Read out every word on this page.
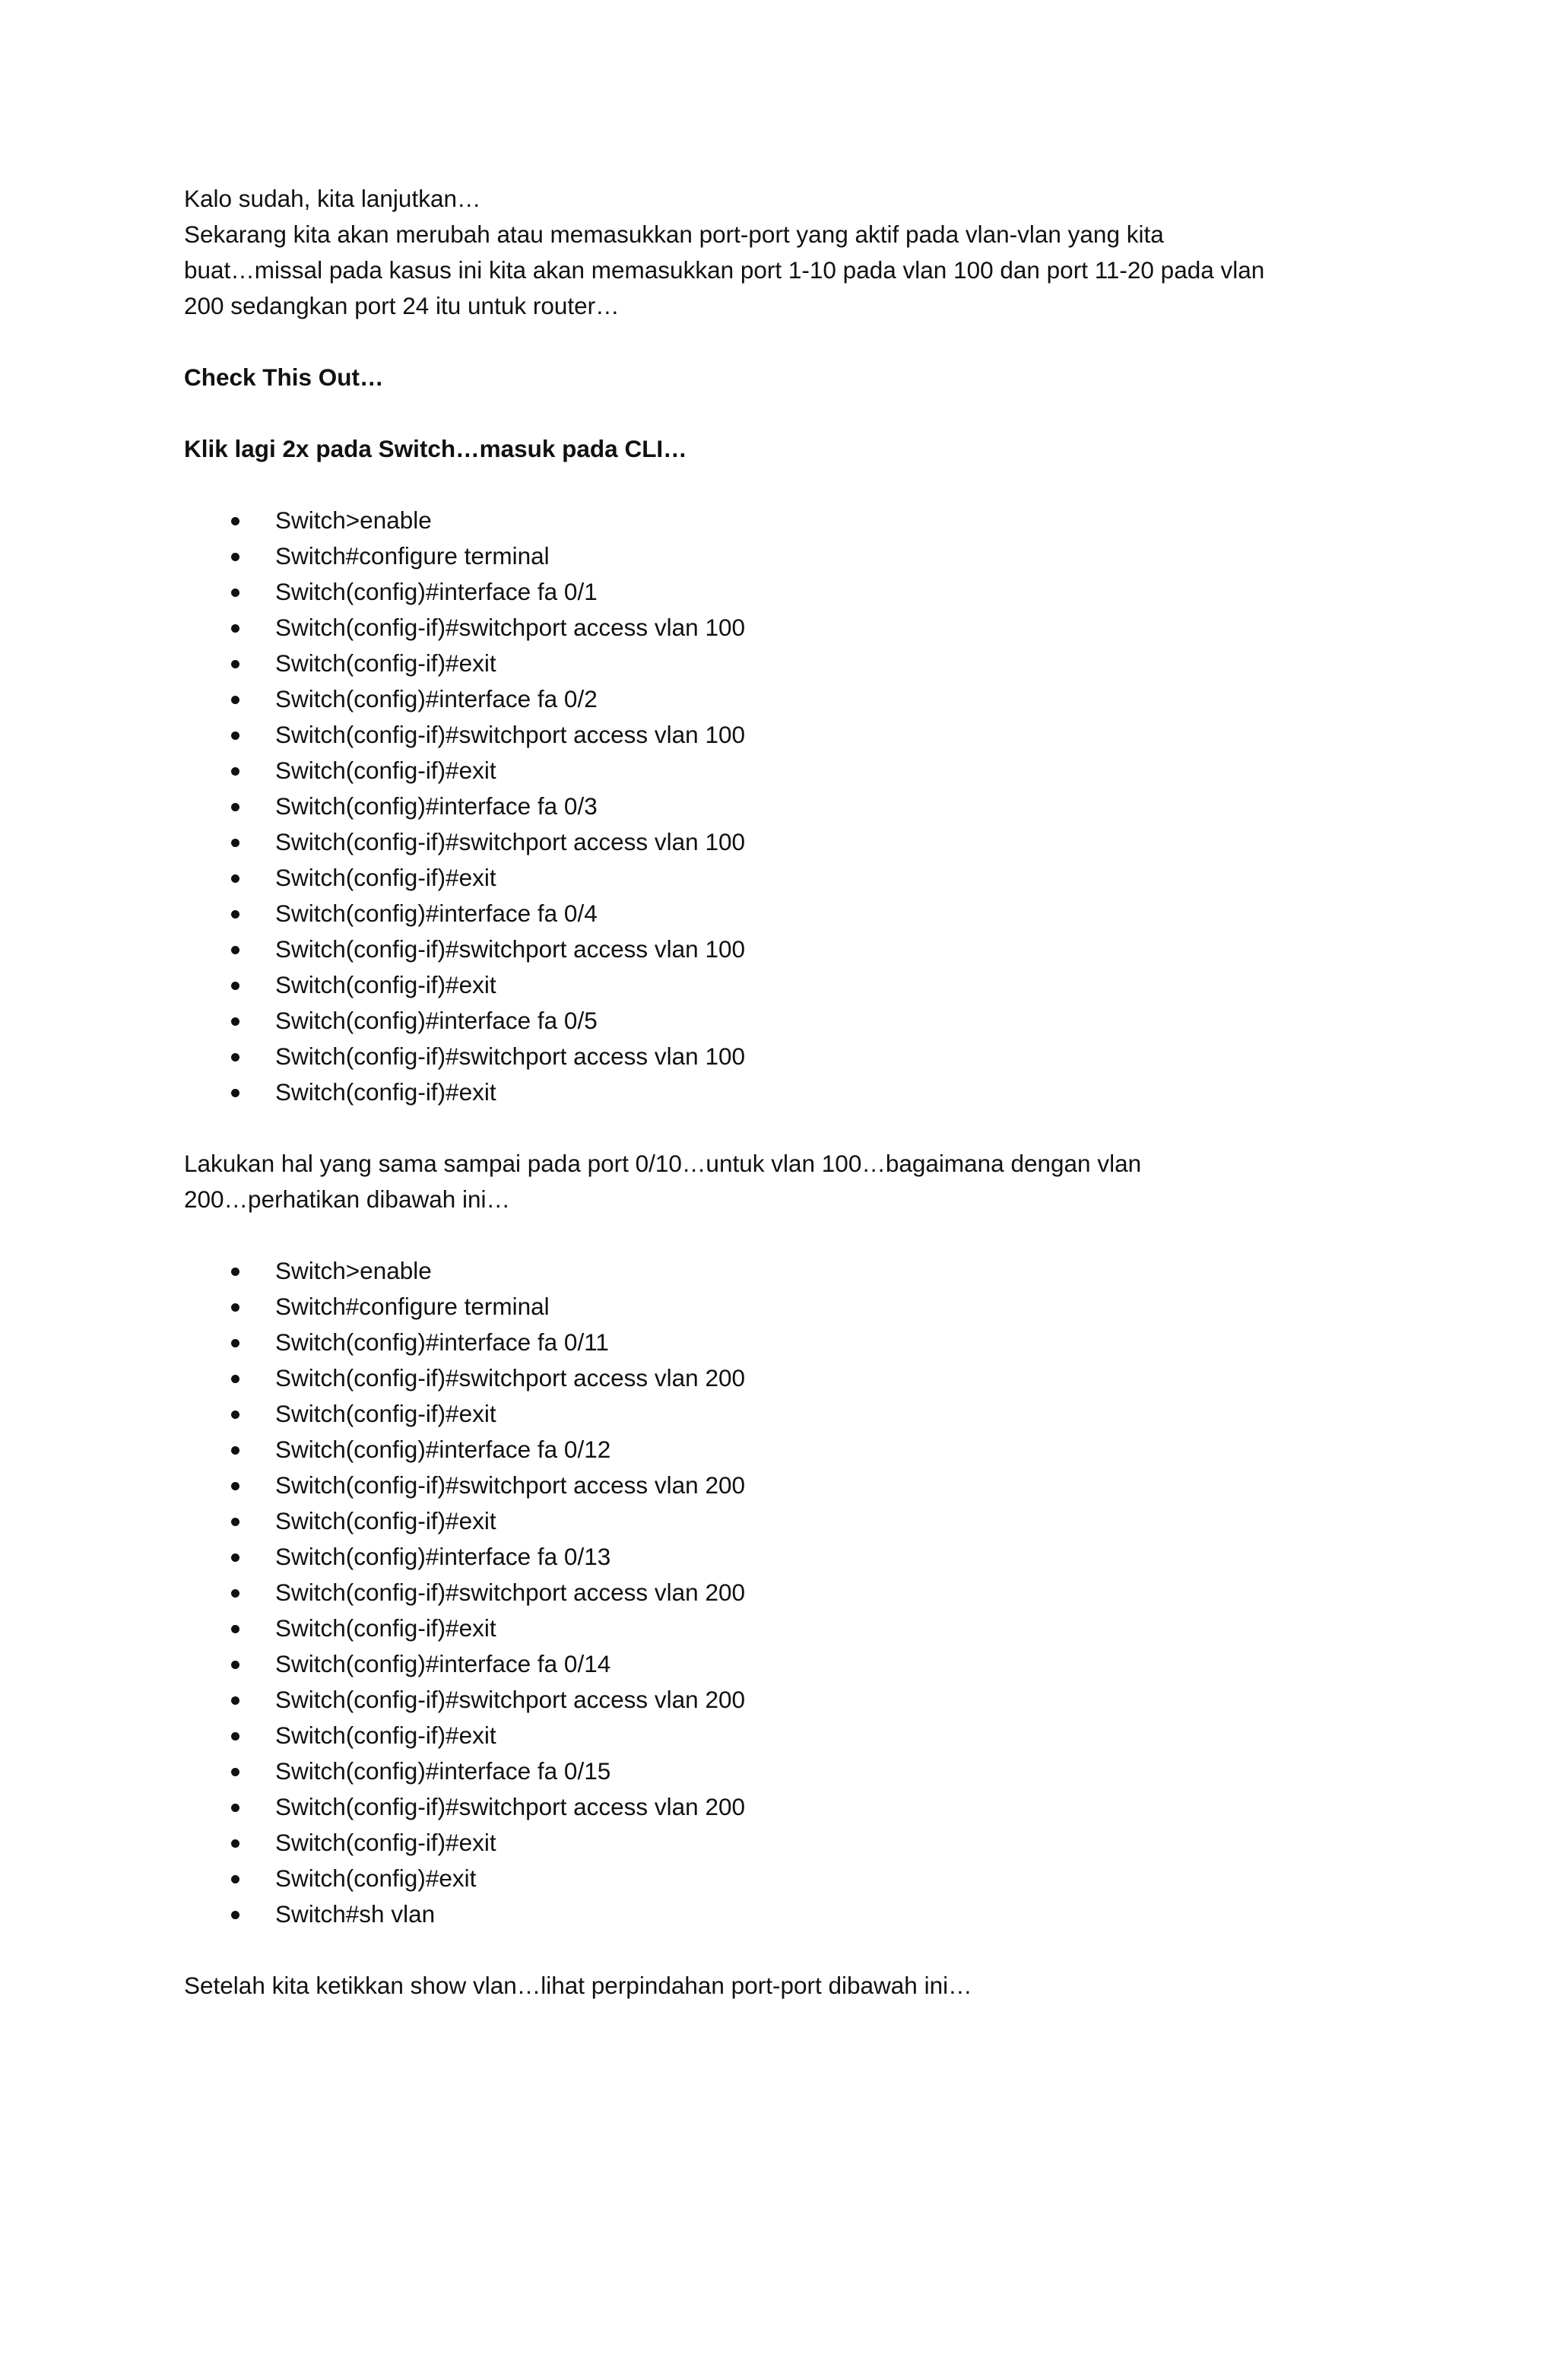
Kalo sudah, kita lanjutkan…
Sekarang kita akan merubah atau memasukkan port-port yang aktif pada vlan-vlan yang kita
buat…missal pada kasus ini kita akan memasukkan port 1-10 pada vlan 100 dan port 11-20 pada vlan
200 sedangkan port 24 itu untuk router…

Check This Out…

Klik lagi 2x pada Switch…masuk pada CLI…

Switch>enable
Switch#configure terminal
Switch(config)#interface fa 0/1
Switch(config-if)#switchport access vlan 100
Switch(config-if)#exit
Switch(config)#interface fa 0/2
Switch(config-if)#switchport access vlan 100
Switch(config-if)#exit
Switch(config)#interface fa 0/3
Switch(config-if)#switchport access vlan 100
Switch(config-if)#exit
Switch(config)#interface fa 0/4
Switch(config-if)#switchport access vlan 100
Switch(config-if)#exit
Switch(config)#interface fa 0/5
Switch(config-if)#switchport access vlan 100
Switch(config-if)#exit

Lakukan hal yang sama sampai pada port 0/10…untuk vlan 100…bagaimana dengan vlan
200…perhatikan dibawah ini…

Switch>enable
Switch#configure terminal
Switch(config)#interface fa 0/11
Switch(config-if)#switchport access vlan 200
Switch(config-if)#exit
Switch(config)#interface fa 0/12
Switch(config-if)#switchport access vlan 200
Switch(config-if)#exit
Switch(config)#interface fa 0/13
Switch(config-if)#switchport access vlan 200
Switch(config-if)#exit
Switch(config)#interface fa 0/14
Switch(config-if)#switchport access vlan 200
Switch(config-if)#exit
Switch(config)#interface fa 0/15
Switch(config-if)#switchport access vlan 200
Switch(config-if)#exit
Switch(config)#exit
Switch#sh vlan

Setelah kita ketikkan show vlan…lihat perpindahan port-port dibawah ini…
